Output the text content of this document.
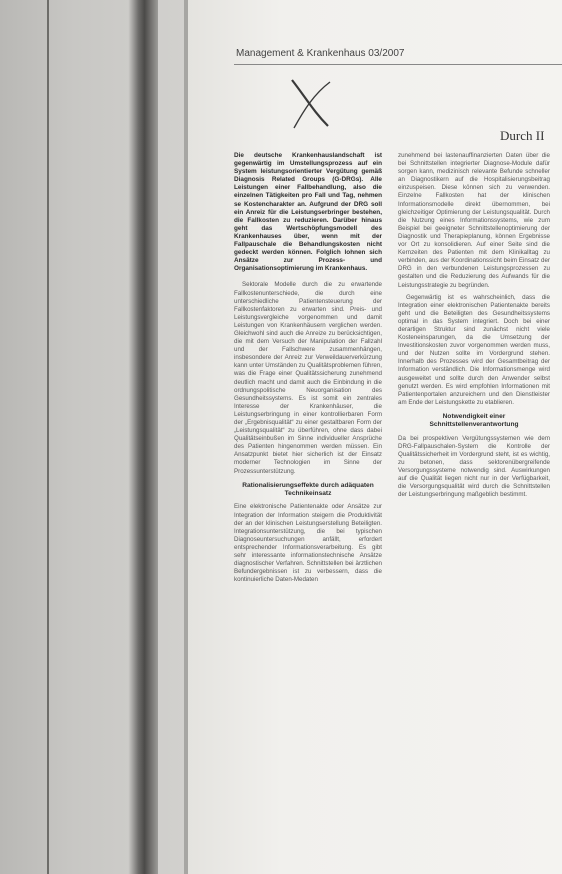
Management & Krankenhaus 03/2007
Durch II

Die deutsche Krankenhauslandschaft ist gegenwärtig im Umstellungsprozess auf ein System leistungsorientierter Vergütung gemäß Diagnosis Related Groups (G-DRGs). Alle Leistungen einer Fallbehandlung, also die einzelnen Tätigkeiten pro Fall und Tag, nehmen se Kostencharakter an. Aufgrund der DRG soll ein Anreiz für die Leistungserbringer bestehen, die Fallkosten zu reduzieren. Darüber hinaus geht das Wertschöpfungsmodell des Krankenhauses über, wenn mit der Fallpauschale die Behandlungskosten nicht gedeckt werden können. Folglich lohnen sich Ansätze zur Prozess- und Organisationsoptimierung im Krankenhaus.

Sektorale Modelle durch die zu erwartende Fallkostenunterschiede, die durch eine unterschiedliche Patientensteuerung der Fallkostenfaktoren zu erwarten sind. Preis- und Leistungsvergleiche vorgenommen und damit Leistungen von Krankenhäusern verglichen werden. Gleichwohl sind auch die Anreize zu berücksichtigen, die mit dem Versuch der Manipulation der Fallzahl und der Fallschwere zusammenhängen, insbesondere der Anreiz zur Verweildauerverkürzung kann unter Umständen zu Qualitätsproblemen führen, was die Frage einer Qualitätssicherung zunehmend deutlich macht und damit auch die Einbindung in die ordnungspolitische Neuorganisation des Gesundheitssystems. Es ist somit ein zentrales Interesse der Krankenhäuser, die Leistungserbringung in einer kontrollierbaren Form der „Ergebnisqualität“ zu einer gestaltbaren Form der „Leistungsqualität“ zu überführen, ohne dass dabei Qualitätseinbußen im Sinne individueller Ansprüche des Patienten hingenommen werden müssen. Ein Ansatzpunkt bietet hier sicherlich ist der Einsatz moderner Technologien im Sinne der Prozessunterstützung.

Rationalisierungseffekte durch adäquaten Technikeinsatz

Eine elektronische Patientenakte oder Ansätze zur Integration der Information steigern die Produktivität der an der klinischen Leistungserstellung Beteiligten. Integrationsunterstützung, die bei typischen Diagnoseuntersuchungen anfällt, erfordert entsprechender Informationsverarbeitung. Es gibt sehr interessante informationstechnische Ansätze diagnostischer Verfahren. Schnittstellen bei ärztlichen Befundergebnissen ist zu verbessern, dass die kontinuierliche Daten-Medaten

zunehmend bei lastenauffinanzierten Daten über die bei Schnittstellen integrierter Diagnose-Module dafür sorgen kann, medizinisch relevante Befunde schneller an Diagnostikern auf die Hospitalisierungsbeitrag einzuspeisen. Diese können sich zu verwenden. Einzelne Fallkosten hat der klinischen Informationsmodelle direkt übernommen, bei gleichzeitiger Optimierung der Leistungsqualität. Durch die Nutzung eines Informationssystems, wie zum Beispiel bei geeigneter Schnittstellenoptimierung der Diagnostik und Therapieplanung, können Ergebnisse vor Ort zu konsolidieren. Auf einer Seite sind die Kernzeiten des Patienten mit dem Klinikalltag zu verbinden, aus der Koordinationssicht beim Einsatz der DRG in den verbundenen Leistungsprozessen zu gestalten und die Reduzierung des Aufwands für die Leistungsstrategie zu begründen.

Gegenwärtig ist es wahrscheinlich, dass die Integration einer elektronischen Patientenakte bereits geht und die Beteiligten des Gesundheitssystems optimal in das System integriert. Doch bei einer derartigen Struktur sind zunächst nicht viele Kosteneinsparungen, da die Umsetzung der Investitionskosten zuvor vorgenommen werden muss, und der Nutzen sollte im Vordergrund stehen. Innerhalb des Prozesses wird der Gesamtbeitrag der Information verständlich. Die Informationsmenge wird ausgeweitet und sollte durch den Anwender selbst genutzt werden. Es wird empfohlen Informationen mit Patientenportalen anzureichern und den Dienstleister am Ende der Leistungskette zu etablieren.

Notwendigkeit einer Schnittstellenverantwortung

Da bei prospektiven Vergütungssystemen wie dem DRG-Fallpauschalen-System die Kontrolle der Qualitätssicherheit im Vordergrund steht, ist es wichtig, zu betonen, dass sektorenübergreifende Versorgungssysteme notwendig sind. Auswirkungen auf die Qualität liegen nicht nur in der Verfügbarkeit, die Versorgungsqualität wird durch die Schnittstellen der Leistungserbringung maßgeblich bestimmt.
